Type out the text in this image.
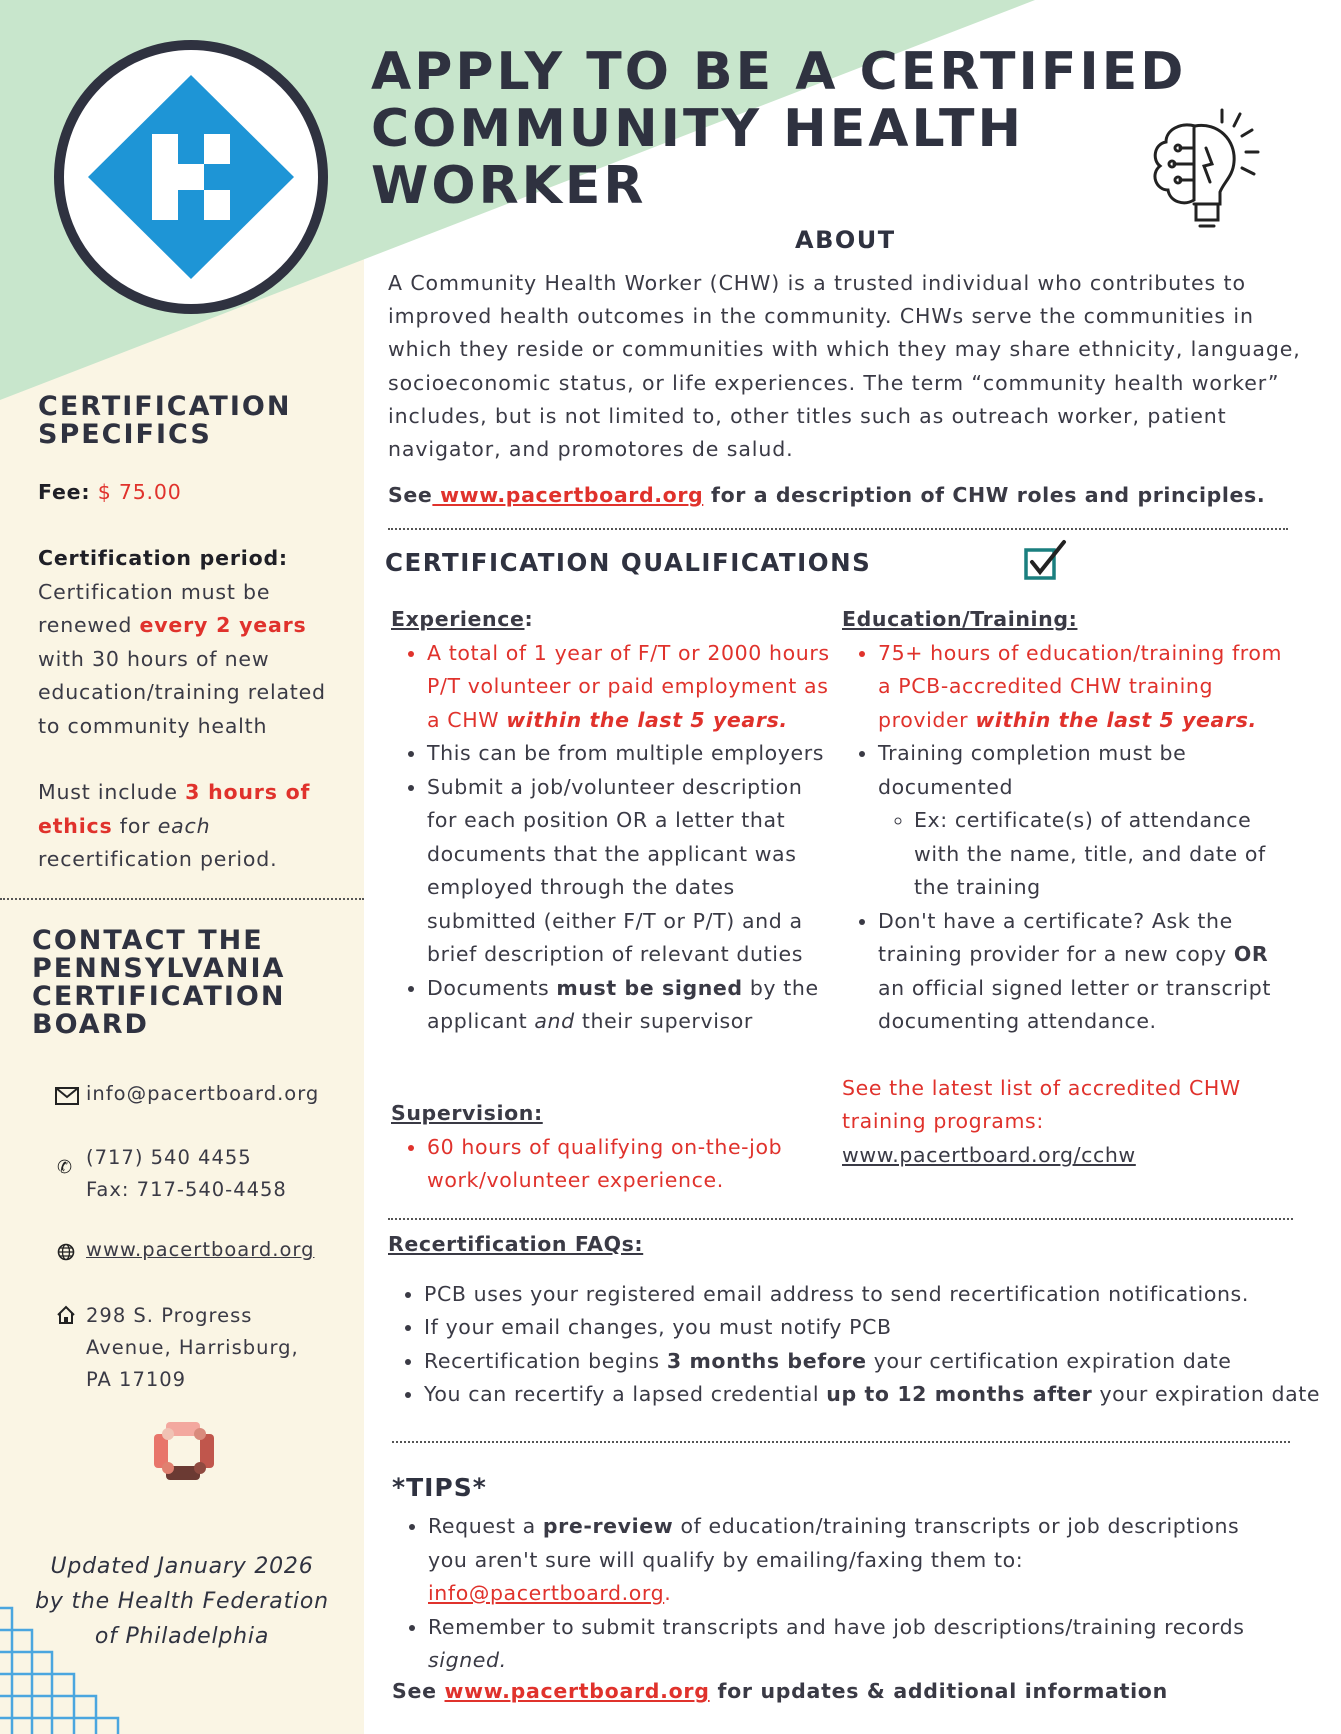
APPLY TO BE A CERTIFIED
COMMUNITY HEALTH
WORKER
ABOUT
A Community Health Worker (CHW) is a trusted individual who contributes to improved health outcomes in the community. CHWs serve the communities in which they reside or communities with which they may share ethnicity, language, socioeconomic status, or life experiences. The term “community health worker” includes, but is not limited to, other titles such as outreach worker, patient navigator, and promotores de salud.
See www.pacertboard.org for a description of CHW roles and principles.
CERTIFICATION QUALIFICATIONS
Experience:
• A total of 1 year of F/T or 2000 hours P/T volunteer or paid employment as a CHW within the last 5 years.
• This can be from multiple employers
• Submit a job/volunteer description for each position OR a letter that documents that the applicant was employed through the dates submitted (either F/T or P/T) and a brief description of relevant duties
• Documents must be signed by the applicant and their supervisor
Supervision:
• 60 hours of qualifying on-the-job work/volunteer experience.
Education/Training:
• 75+ hours of education/training from a PCB-accredited CHW training provider within the last 5 years.
• Training completion must be documented
◦ Ex: certificate(s) of attendance with the name, title, and date of the training
• Don't have a certificate? Ask the training provider for a new copy OR an official signed letter or transcript documenting attendance.
See the latest list of accredited CHW training programs:
www.pacertboard.org/cchw
Recertification FAQs:
• PCB uses your registered email address to send recertification notifications.
• If your email changes, you must notify PCB
• Recertification begins 3 months before your certification expiration date
• You can recertify a lapsed credential up to 12 months after your expiration date
*TIPS*
• Request a pre-review of education/training transcripts or job descriptions you aren't sure will qualify by emailing/faxing them to: info@pacertboard.org.
• Remember to submit transcripts and have job descriptions/training records signed.
See www.pacertboard.org for updates & additional information
CERTIFICATION
SPECIFICS
Fee: $ 75.00
Certification period:
Certification must be renewed every 2 years with 30 hours of new education/training related to community health
Must include 3 hours of ethics for each recertification period.
CONTACT THE
PENNSYLVANIA
CERTIFICATION
BOARD
info@pacertboard.org
✆ (717) 540 4455
Fax: 717-540-4458
www.pacertboard.org
298 S. Progress
Avenue, Harrisburg,
PA 17109
Updated January 2026
by the Health Federation
of Philadelphia
